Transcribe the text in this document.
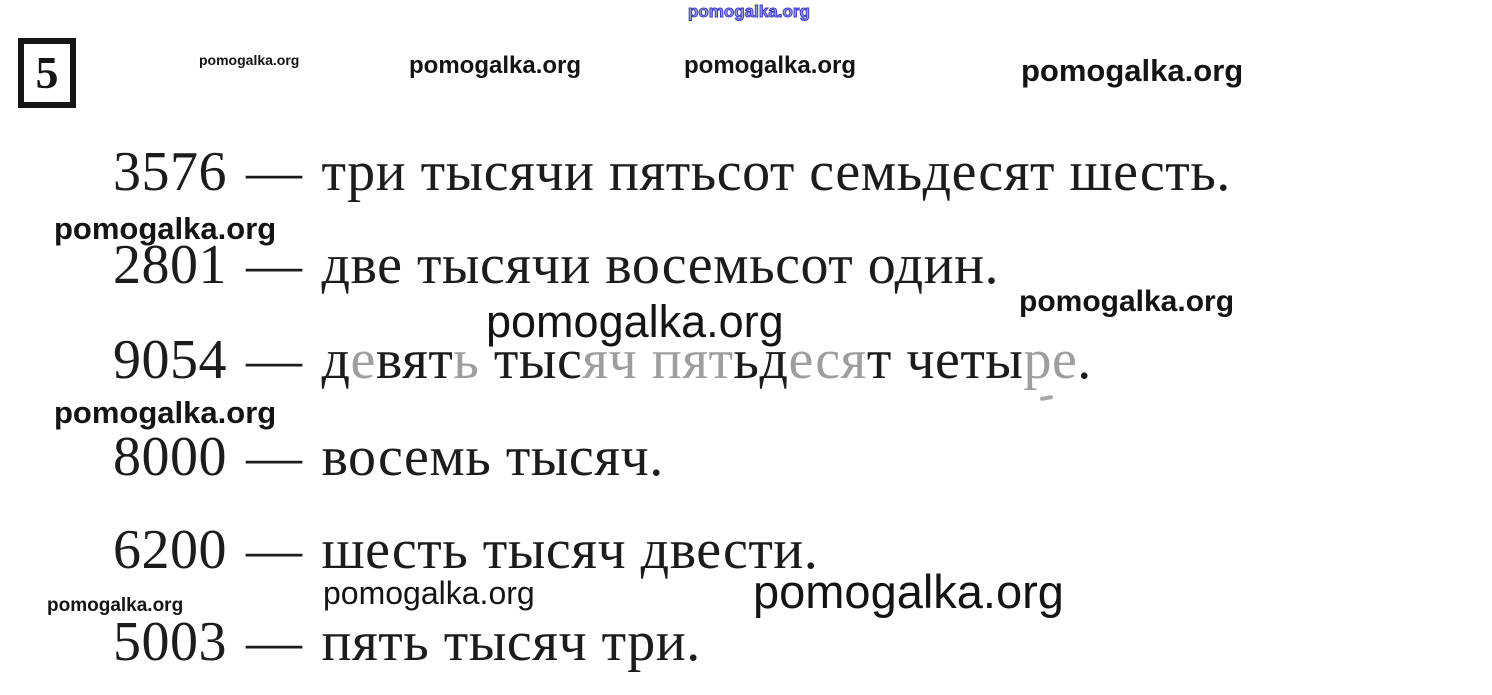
5
pomogalka.org
pomogalka.org	pomogalka.org	pomogalka.org	pomogalka.org
pomogalka.org
pomogalka.org
pomogalka.org
pomogalka.org
pomogalka.org	pomogalka.org
pomogalka.org
3576 — три тысячи пятьсот семьдесят шесть.
2801 — две тысячи восемьсот один.
9054 — девять тысяч пятьдесят четыре.
8000 — восемь тысяч.
6200 — шесть тысяч двести.
5003 — пять тысяч три.
